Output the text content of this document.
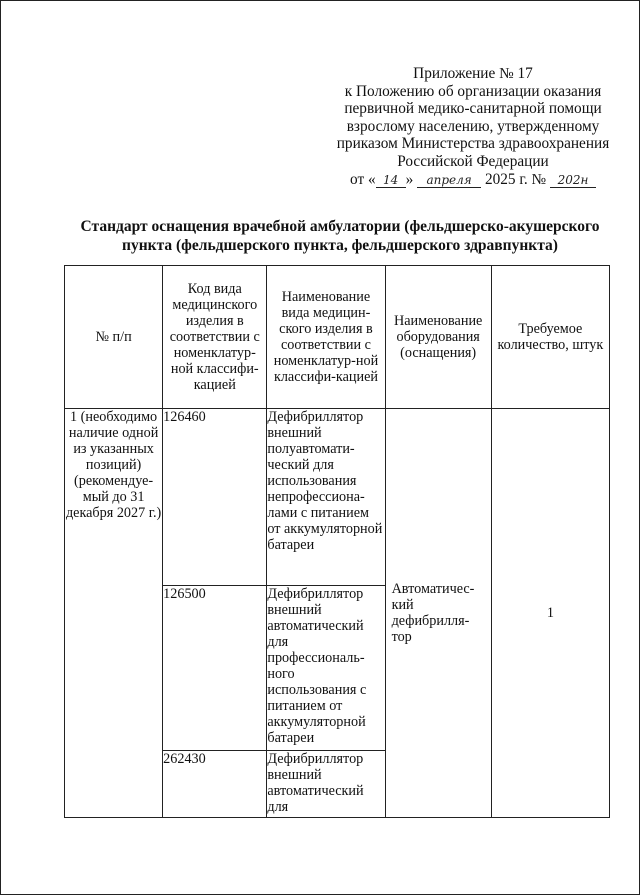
Приложение № 17
к Положению об организации оказания
первичной медико-санитарной помощи
взрослому населению, утвержденному
приказом Министерства здравоохранения
Российской Федерации
от « 14 » апреля 2025 г. № 202н
Стандарт оснащения врачебной амбулатории (фельдшерско-акушерского
пункта (фельдшерского пункта, фельдшерского здравпункта)
№ п/п	Код вида медицинского изделия в соответствии с номенклатур-ной классифи-кацией	Наименование вида медицин-ского изделия в соответствии с номенклатур-ной классифи-кацией	Наименование оборудования (оснащения)	Требуемое количество, штук

1 (необходимо наличие одной из указанных позиций) (рекомендуе-мый до 31 декабря 2027 г.)	126460	Дефибриллятор внешний полуавтомати-ческий для использования непрофессиона-лами с питанием от аккумуляторной батареи	Автоматичес-кий дефибрилля-тор	1
	126500	Дефибриллятор внешний автоматический для профессиональ-ного использования с питанием от аккумуляторной батареи		
	262430	Дефибриллятор внешний автоматический для		
